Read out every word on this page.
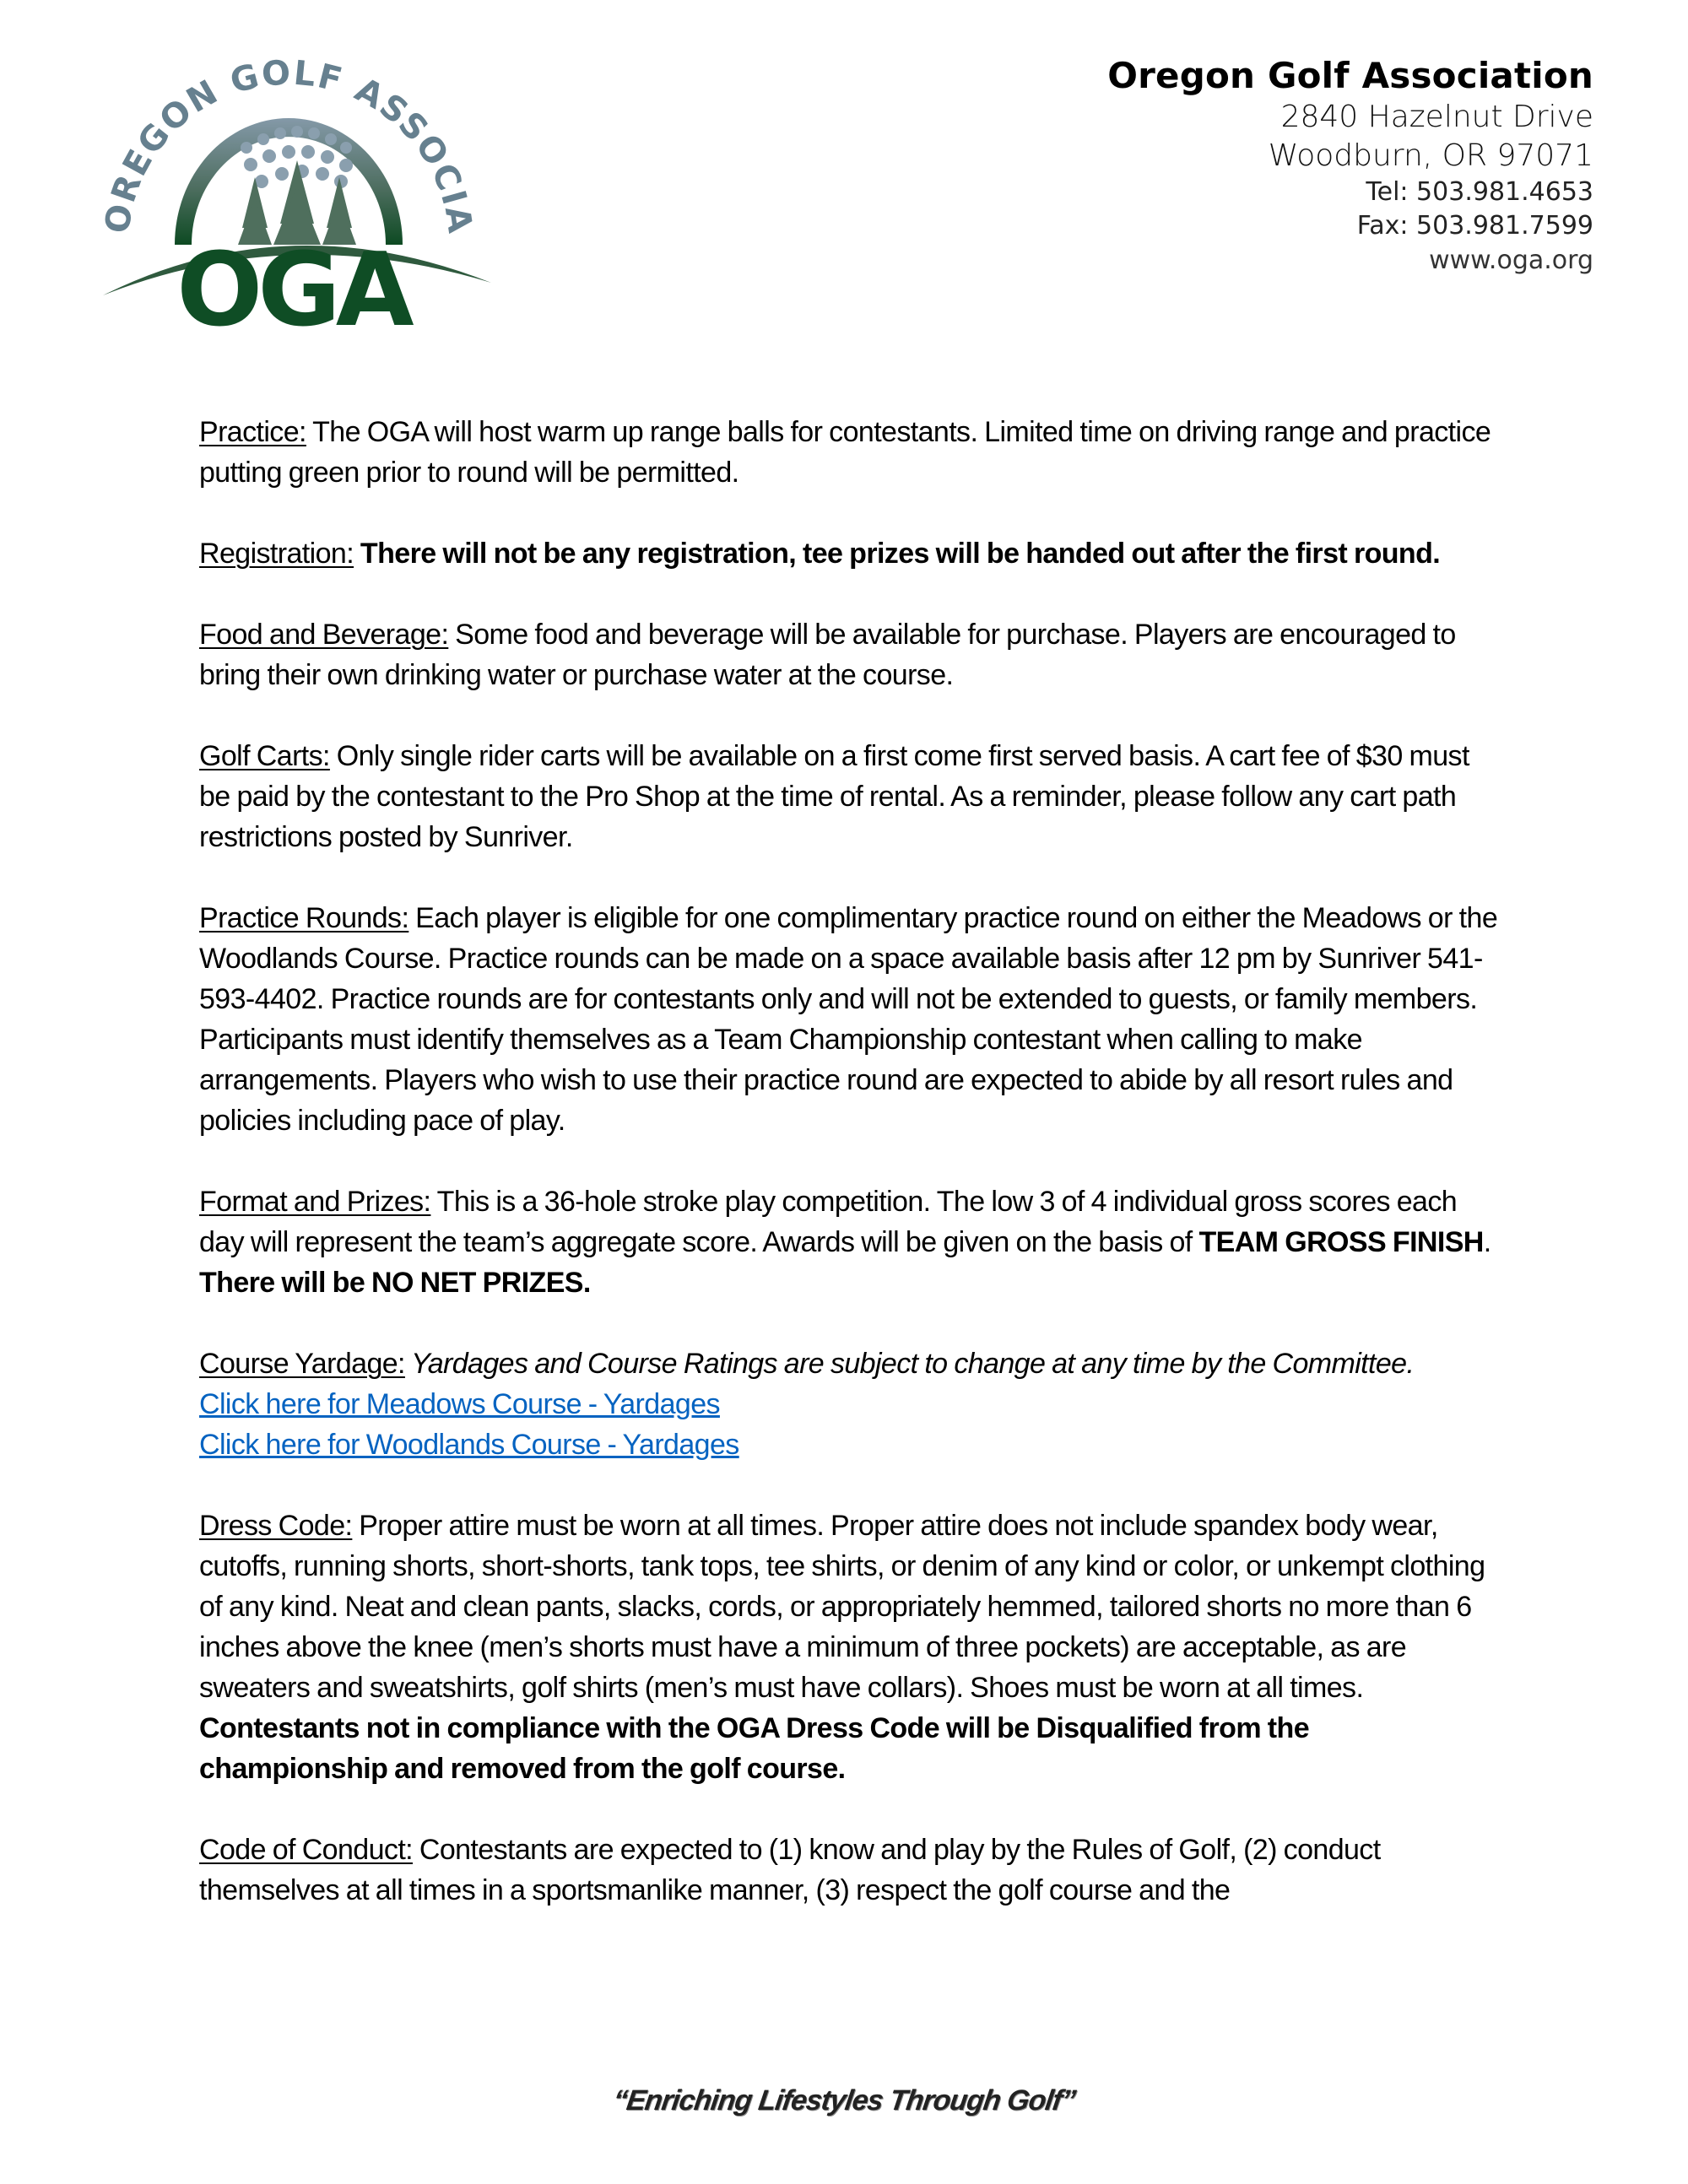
OREGON GOLF ASSOCIA
OGA
Oregon Golf Association
2840 Hazelnut Drive
Woodburn, OR 97071
Tel: 503.981.4653
Fax: 503.981.7599
www.oga.org

Practice: The OGA will host warm up range balls for contestants. Limited time on driving range and practice putting green prior to round will be permitted.

Registration: There will not be any registration, tee prizes will be handed out after the first round.

Food and Beverage: Some food and beverage will be available for purchase. Players are encouraged to bring their own drinking water or purchase water at the course.

Golf Carts: Only single rider carts will be available on a first come first served basis. A cart fee of $30 must be paid by the contestant to the Pro Shop at the time of rental. As a reminder, please follow any cart path restrictions posted by Sunriver.

Practice Rounds: Each player is eligible for one complimentary practice round on either the Meadows or the Woodlands Course. Practice rounds can be made on a space available basis after 12 pm by Sunriver 541-593-4402. Practice rounds are for contestants only and will not be extended to guests, or family members. Participants must identify themselves as a Team Championship contestant when calling to make arrangements. Players who wish to use their practice round are expected to abide by all resort rules and policies including pace of play.

Format and Prizes: This is a 36-hole stroke play competition. The low 3 of 4 individual gross scores each day will represent the team’s aggregate score. Awards will be given on the basis of TEAM GROSS FINISH. There will be NO NET PRIZES.

Course Yardage: Yardages and Course Ratings are subject to change at any time by the Committee.
Click here for Meadows Course - Yardages
Click here for Woodlands Course - Yardages

Dress Code: Proper attire must be worn at all times. Proper attire does not include spandex body wear, cutoffs, running shorts, short-shorts, tank tops, tee shirts, or denim of any kind or color, or unkempt clothing of any kind. Neat and clean pants, slacks, cords, or appropriately hemmed, tailored shorts no more than 6 inches above the knee (men’s shorts must have a minimum of three pockets) are acceptable, as are sweaters and sweatshirts, golf shirts (men’s must have collars). Shoes must be worn at all times. Contestants not in compliance with the OGA Dress Code will be Disqualified from the championship and removed from the golf course.

Code of Conduct: Contestants are expected to (1) know and play by the Rules of Golf, (2) conduct themselves at all times in a sportsmanlike manner, (3) respect the golf course and the

“Enriching Lifestyles Through Golf”
